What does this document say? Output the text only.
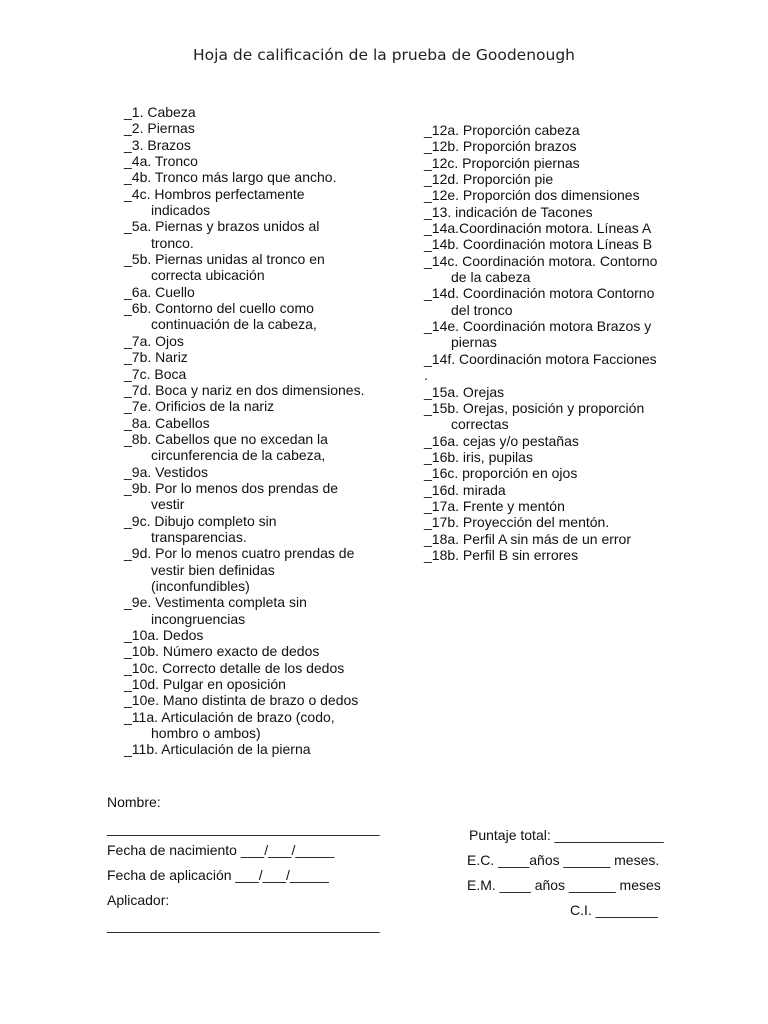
Hoja de calificación de la prueba de Goodenough
_1. Cabeza
_2. Piernas
_3. Brazos
_4a. Tronco
_4b. Tronco más largo que ancho.
_4c. Hombros perfectamente
indicados
_5a. Piernas y brazos unidos al
tronco.
_5b. Piernas unidas al tronco en
correcta ubicación
_6a. Cuello
_6b. Contorno del cuello como
continuación de la cabeza,
_7a. Ojos
_7b. Nariz
_7c. Boca
_7d. Boca y nariz en dos dimensiones.
_7e. Orificios de la nariz
_8a. Cabellos
_8b. Cabellos que no excedan la
circunferencia de la cabeza,
_9a. Vestidos
_9b. Por lo menos dos prendas de
vestir
_9c. Dibujo completo sin
transparencias.
_9d. Por lo menos cuatro prendas de
vestir bien definidas
(inconfundibles)
_9e. Vestimenta completa sin
incongruencias
_10a. Dedos
_10b. Número exacto de dedos
_10c. Correcto detalle de los dedos
_10d. Pulgar en oposición
_10e. Mano distinta de brazo o dedos
_11a. Articulación de brazo (codo,
hombro o ambos)
_11b. Articulación de la pierna
_12a. Proporción cabeza
_12b. Proporción brazos
_12c. Proporción piernas
_12d. Proporción pie
_12e. Proporción dos dimensiones
_13. indicación de Tacones
_14a.Coordinación motora. Líneas A
_14b. Coordinación motora Líneas B
_14c. Coordinación motora. Contorno
de la cabeza
_14d. Coordinación motora Contorno
del tronco
_14e. Coordinación motora Brazos y
piernas
_14f. Coordinación motora Facciones
.
_15a. Orejas
_15b. Orejas, posición y proporción
correctas
_16a. cejas y/o pestañas
_16b. iris, pupilas
_16c. proporción en ojos
_16d. mirada
_17a. Frente y mentón
_17b. Proyección del mentón.
_18a. Perfil A sin más de un error
_18b. Perfil B sin errores
Nombre:
___________________________________
Fecha de nacimiento ___/___/_____
Fecha de aplicación ___/___/_____
Aplicador:
___________________________________
Puntaje total: ______________
E.C. ____años ______ meses.
E.M. ____ años ______ meses
C.I. ________
